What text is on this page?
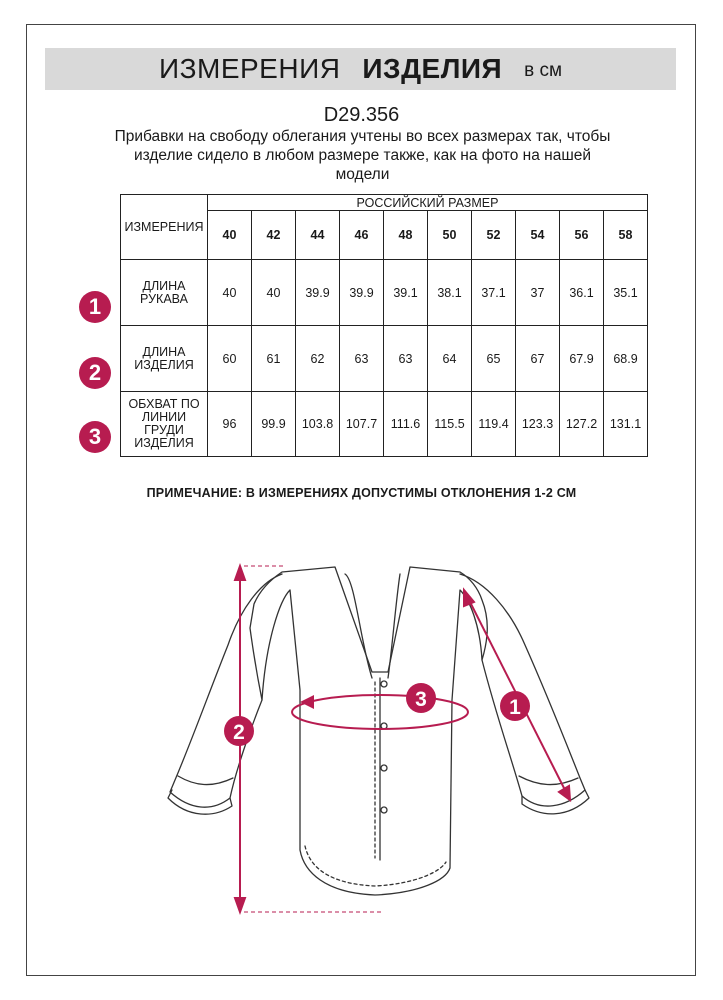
ИЗМЕРЕНИЯ ИЗДЕЛИЯ в см
D29.356
Прибавки на свободу облегания учтены во всех размерах так, чтобы изделие сидело в любом размере также, как на фото на нашей модели
ИЗМЕРЕНИЯ	РОССИЙСКИЙ РАЗМЕР									
	40	42	44	46	48	50	52	54	56	58
ДЛИНА
РУКАВА	40	40	39.9	39.9	39.1	38.1	37.1	37	36.1	35.1
ДЛИНА
ИЗДЕЛИЯ	60	61	62	63	63	64	65	67	67.9	68.9
ОБХВАТ ПО
ЛИНИИ
ГРУДИ
ИЗДЕЛИЯ	96	99.9	103.8	107.7	111.6	115.5	119.4	123.3	127.2	131.1
1
2
3
ПРИМЕЧАНИЕ: В ИЗМЕРЕНИЯХ ДОПУСТИМЫ ОТКЛОНЕНИЯ 1-2 СМ
1
2
3
